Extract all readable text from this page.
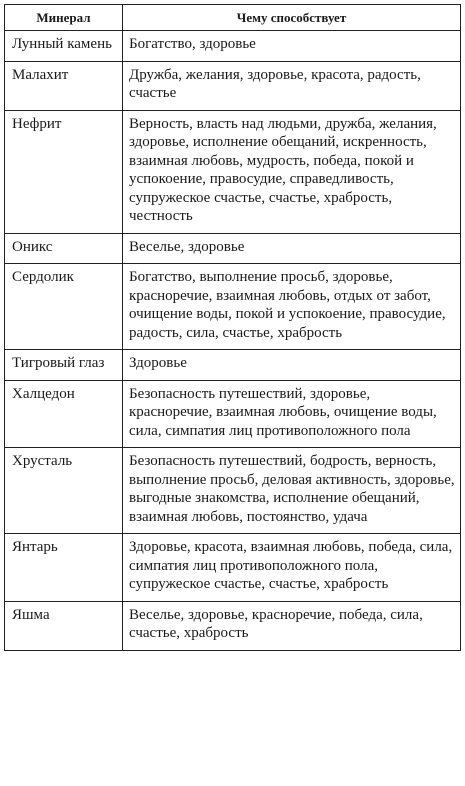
Минерал	Чему способствует
Лунный камень	Богатство, здоровье
Малахит	Дружба, желания, здоровье, красота, радость, счастье
Нефрит	Верность, власть над людьми, дружба, желания, здоровье, исполнение обещаний, искренность, взаимная любовь, мудрость, победа, покой и успокоение, правосудие, справедливость, супружеское счастье, счастье, храбрость, честность
Оникс	Веселье, здоровье
Сердолик	Богатство, выполнение просьб, здоровье, красноречие, взаимная любовь, отдых от забот, очищение воды, покой и успокоение, правосудие, радость, сила, счастье, храбрость
Тигровый глаз	Здоровье
Халцедон	Безопасность путешествий, здоровье, красноречие, взаимная любовь, очищение воды, сила, симпатия лиц противоположного пола
Хрусталь	Безопасность путешествий, бодрость, верность, выполнение просьб, деловая активность, здоровье, выгодные знакомства, исполнение обещаний, взаимная любовь, постоянство, удача
Янтарь	Здоровье, красота, взаимная любовь, победа, сила, симпатия лиц противоположного пола, супружеское счастье, счастье, храбрость
Яшма	Веселье, здоровье, красноречие, победа, сила, счастье, храбрость
